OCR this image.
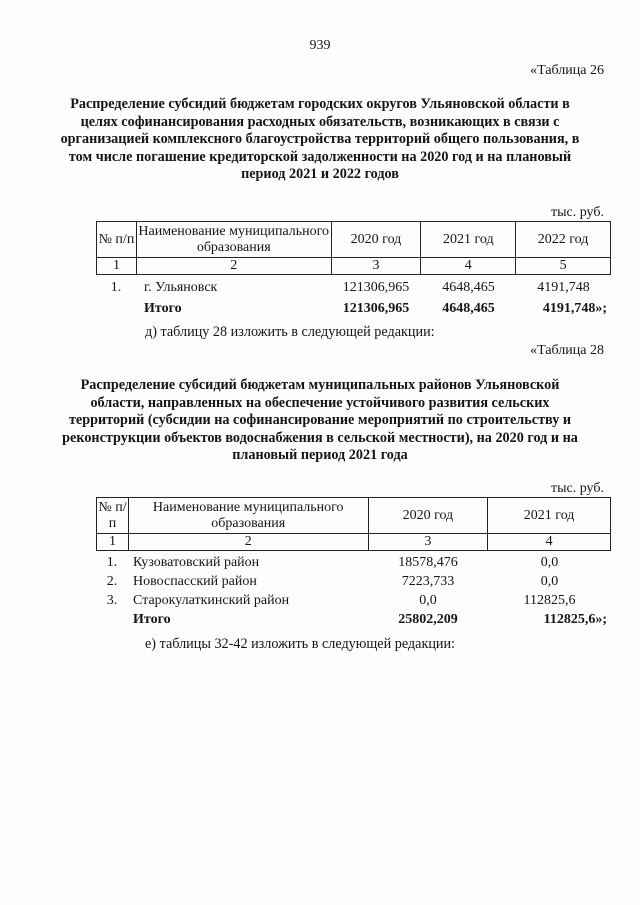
939
«Таблица 26
Распределение субсидий бюджетам городских округов Ульяновской области в целях софинансирования расходных обязательств, возникающих в связи с организацией комплексного благоустройства территорий общего пользования, в том числе погашение кредиторской задолженности на 2020 год и на плановый период 2021 и 2022 годов
тыс. руб.
№ п/п	Наименование муниципального образования	2020 год	2021 год	2022 год
1	2	3	4	5
1.	г. Ульяновск	121306,965	4648,465	4191,748
	Итого	121306,965	4648,465	4191,748»;
д) таблицу 28 изложить в следующей редакции:
«Таблица 28
Распределение субсидий бюджетам муниципальных районов Ульяновской области, направленных на обеспечение устойчивого развития сельских территорий (субсидии на софинансирование мероприятий по строительству и реконструкции объектов водоснабжения в сельской местности), на 2020 год и на плановый период 2021 года
тыс. руб.
№ п/п	Наименование муниципального образования	2020 год	2021 год
1	2	3	4
1.	Кузоватовский район	18578,476	0,0
2.	Новоспасский район	7223,733	0,0
3.	Старокулаткинский район	0,0	112825,6
	Итого	25802,209	112825,6»;
е) таблицы 32-42 изложить в следующей редакции:
